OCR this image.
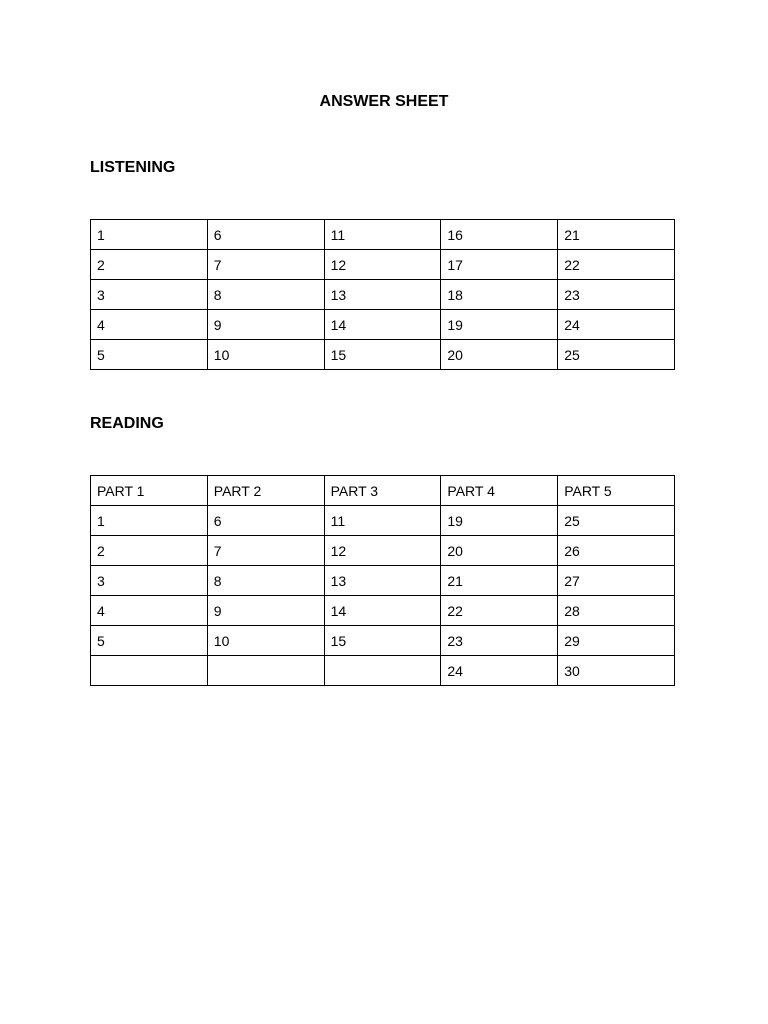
ANSWER SHEET
LISTENING
1	6	11	16	21
2	7	12	17	22
3	8	13	18	23
4	9	14	19	24
5	10	15	20	25
READING
PART 1	PART 2	PART 3	PART 4	PART 5
1	6	11	19	25
2	7	12	20	26
3	8	13	21	27
4	9	14	22	28
5	10	15	23	29
			24	30
